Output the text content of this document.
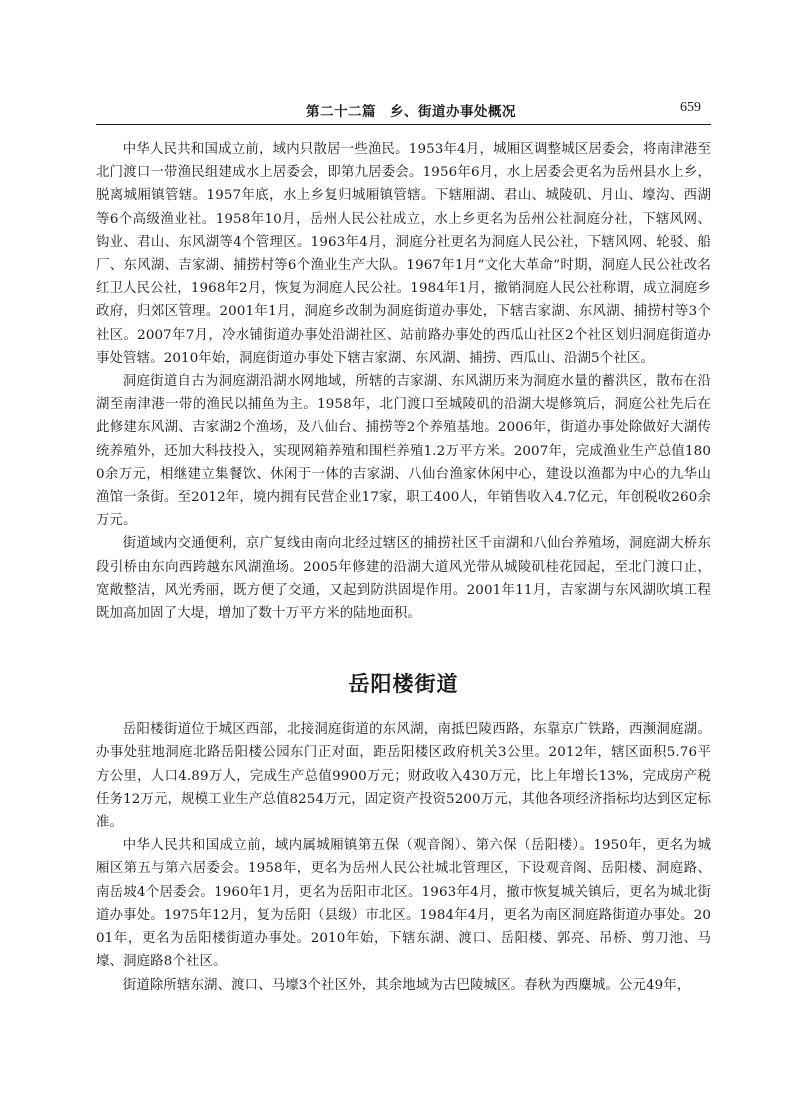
第二十二篇　乡、街道办事处概况	659

中华人民共和国成立前，域内只散居一些渔民。1953年4月，城厢区调整城区居委会，将南津港至北门渡口一带渔民组建成水上居委会，即第九居委会。1956年6月，水上居委会更名为岳州县水上乡，脱离城厢镇管辖。1957年底，水上乡复归城厢镇管辖。下辖厢湖、君山、城陵矶、月山、壕沟、西湖等6个高级渔业社。1958年10月，岳州人民公社成立，水上乡更名为岳州公社洞庭分社，下辖风网、钩业、君山、东风湖等4个管理区。1963年4月，洞庭分社更名为洞庭人民公社，下辖风网、轮驳、船厂、东风湖、吉家湖、捕捞村等6个渔业生产大队。1967年1月“文化大革命”时期，洞庭人民公社改名红卫人民公社，1968年2月，恢复为洞庭人民公社。1984年1月，撤销洞庭人民公社称谓，成立洞庭乡政府，归郊区管理。2001年1月，洞庭乡改制为洞庭街道办事处，下辖吉家湖、东风湖、捕捞村等3个社区。2007年7月，冷水铺街道办事处沿湖社区、站前路办事处的西瓜山社区2个社区划归洞庭街道办事处管辖。2010年始，洞庭街道办事处下辖吉家湖、东风湖、捕捞、西瓜山、沿湖5个社区。

洞庭街道自古为洞庭湖沿湖水网地域，所辖的吉家湖、东风湖历来为洞庭水量的蓄洪区，散布在沿湖至南津港一带的渔民以捕鱼为主。1958年，北门渡口至城陵矶的沿湖大堤修筑后，洞庭公社先后在此修建东风湖、吉家湖2个渔场，及八仙台、捕捞等2个养殖基地。2006年，街道办事处除做好大湖传统养殖外，还加大科技投入，实现网箱养殖和围栏养殖1.2万平方米。2007年，完成渔业生产总值1800余万元，相继建立集餐饮、休闲于一体的吉家湖、八仙台渔家休闲中心，建设以渔都为中心的九华山渔馆一条街。至2012年，境内拥有民营企业17家，职工400人，年销售收入4.7亿元，年创税收260余万元。

街道域内交通便利，京广复线由南向北经过辖区的捕捞社区千亩湖和八仙台养殖场，洞庭湖大桥东段引桥由东向西跨越东风湖渔场。2005年修建的沿湖大道风光带从城陵矶桂花园起，至北门渡口止，宽敞整洁，风光秀丽，既方便了交通，又起到防洪固堤作用。2001年11月，吉家湖与东风湖吹填工程既加高加固了大堤，增加了数十万平方米的陆地面积。

岳阳楼街道

岳阳楼街道位于城区西部，北接洞庭街道的东风湖，南抵巴陵西路，东靠京广铁路，西濒洞庭湖。办事处驻地洞庭北路岳阳楼公园东门正对面，距岳阳楼区政府机关3公里。2012年，辖区面积5.76平方公里，人口4.89万人，完成生产总值9900万元；财政收入430万元，比上年增长13%，完成房产税任务12万元，规模工业生产总值8254万元，固定资产投资5200万元，其他各项经济指标均达到区定标准。

中华人民共和国成立前，域内属城厢镇第五保（观音阁）、第六保（岳阳楼）。1950年，更名为城厢区第五与第六居委会。1958年，更名为岳州人民公社城北管理区，下设观音阁、岳阳楼、洞庭路、南岳坡4个居委会。1960年1月，更名为岳阳市北区。1963年4月，撤市恢复城关镇后，更名为城北街道办事处。1975年12月，复为岳阳（县级）市北区。1984年4月，更名为南区洞庭路街道办事处。2001年，更名为岳阳楼街道办事处。2010年始，下辖东湖、渡口、岳阳楼、郭亮、吊桥、剪刀池、马壕、洞庭路8个社区。

街道除所辖东湖、渡口、马壕3个社区外，其余地域为古巴陵城区。春秋为西麋城。公元49年，
